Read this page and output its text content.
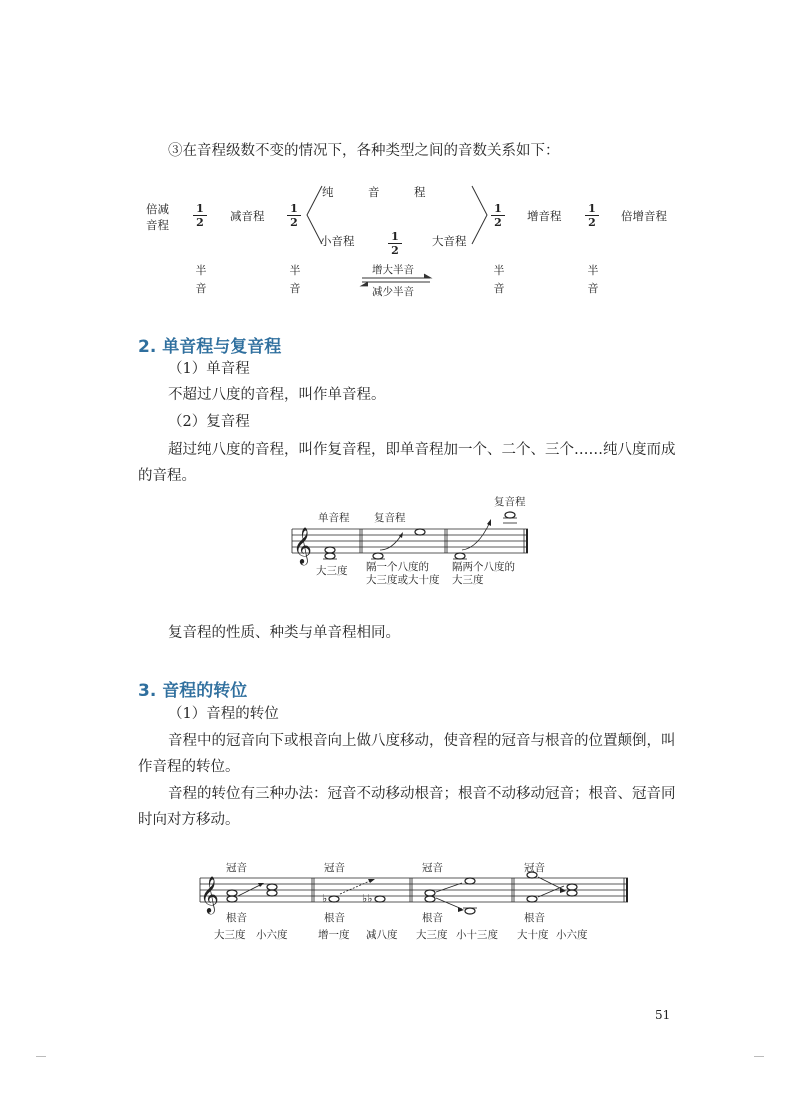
③在音程级数不变的情况下，各种类型之间的音数关系如下：
倍减音程
1
2 减音程
1
2
纯　　　音　　　程
小音程	1
2
大音程
1
2 增音程
1
2 倍增音程
半
音
半
音
半
音
半
音
增大半音
减少半音
2. 单音程与复音程
（1）单音程
不超过八度的音程，叫作单音程。
（2）复音程
超过纯八度的音程，叫作复音程，即单音程加一个、二个、三个……纯八度而成
的音程。
单音程 复音程
复音程
𝄞
大三度 隔一个八度的
大三度或大十度
隔两个八度的
大三度
复音程的性质、种类与单音程相同。
3. 音程的转位
（1）音程的转位
音程中的冠音向下或根音向上做八度移动，使音程的冠音与根音的位置颠倒，叫
作音程的转位。
音程的转位有三种办法：冠音不动移动根音；根音不动移动冠音；根音、冠音同
时向对方移动。
冠音	冠音	冠音	冠音
𝄞	♭	♭♭
根音	根音	根音	根音
大三度 小六度	增一度 减八度 大三度 小十三度 大十度 小六度
51
